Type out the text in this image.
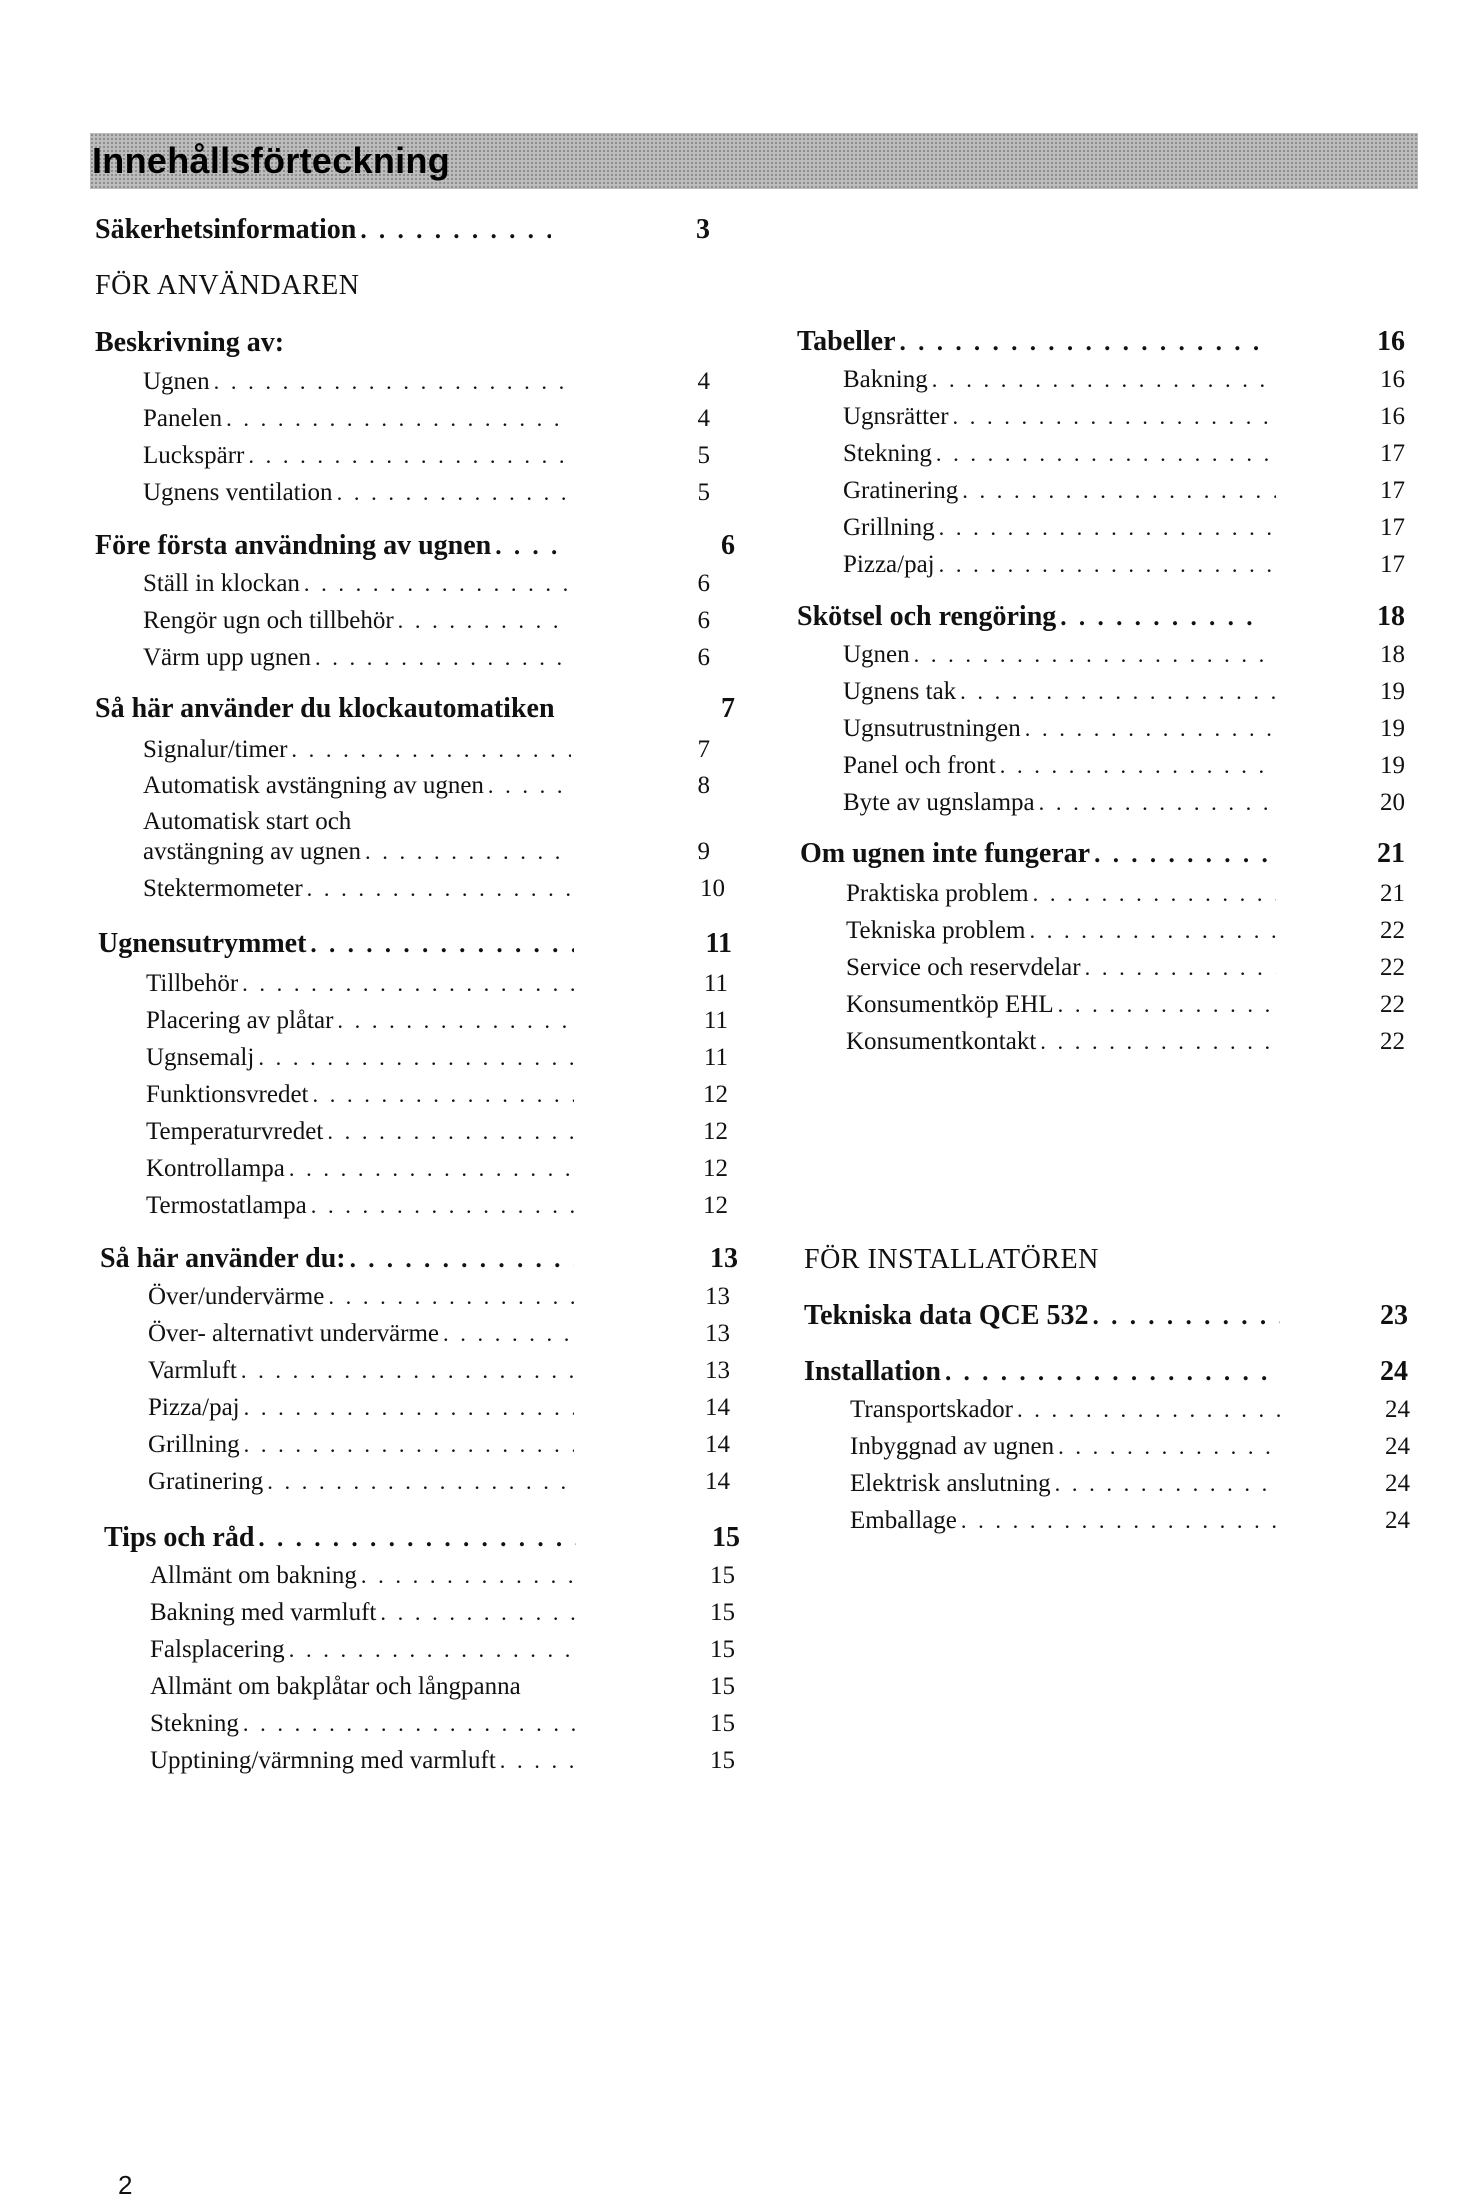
Innehållsförteckning
Säkerhetsinformation . . .	3
FÖR ANVÄNDAREN
Beskrivning av:
Ugnen . . .	4
Panelen . . .	4
Luckspärr . . .	5
Ugnens ventilation . . .	5
Före första användning av ugnen . . .	6
Ställ in klockan . . .	6
Rengör ugn och tillbehör . . .	6
Värm upp ugnen . . .	6
Så här använder du klockautomatiken	7
Signalur/timer . . .	7
Automatisk avstängning av ugnen . . .	8
Automatisk start och
avstängning av ugnen . . .	9
Stektermometer . . .	10
Ugnensutrymmet . . .	11
Tillbehör . . .	11
Placering av plåtar . . .	11
Ugnsemalj . . .	11
Funktionsvredet . . .	12
Temperaturvredet . . .	12
Kontrollampa . . .	12
Termostatlampa . . .	12
Så här använder du: . . .	13
Över/undervärme . . .	13
Över- alternativt undervärme . . .	13
Varmluft . . .	13
Pizza/paj . . .	14
Grillning . . .	14
Gratinering . . .	14
Tips och råd . . .	15
Allmänt om bakning . . .	15
Bakning med varmluft . . .	15
Falsplacering . . .	15
Allmänt om bakplåtar och långpanna	15
Stekning . . .	15
Upptining/värmning med varmluft . . .	15
Tabeller . . .	16
Bakning . . .	16
Ugnsrätter . . .	16
Stekning . . .	17
Gratinering . . .	17
Grillning . . .	17
Pizza/paj . . .	17
Skötsel och rengöring . . .	18
Ugnen . . .	18
Ugnens tak . . .	19
Ugnsutrustningen . . .	19
Panel och front . . .	19
Byte av ugnslampa . . .	20
Om ugnen inte fungerar . . .	21
Praktiska problem . . .	21
Tekniska problem . . .	22
Service och reservdelar . . .	22
Konsumentköp EHL . . .	22
Konsumentkontakt . . .	22
FÖR INSTALLATÖREN
Tekniska data QCE 532 . . .	23
Installation . . .	24
Transportskador . . .	24
Inbyggnad av ugnen . . .	24
Elektrisk anslutning . . .	24
Emballage . . .	24
2
